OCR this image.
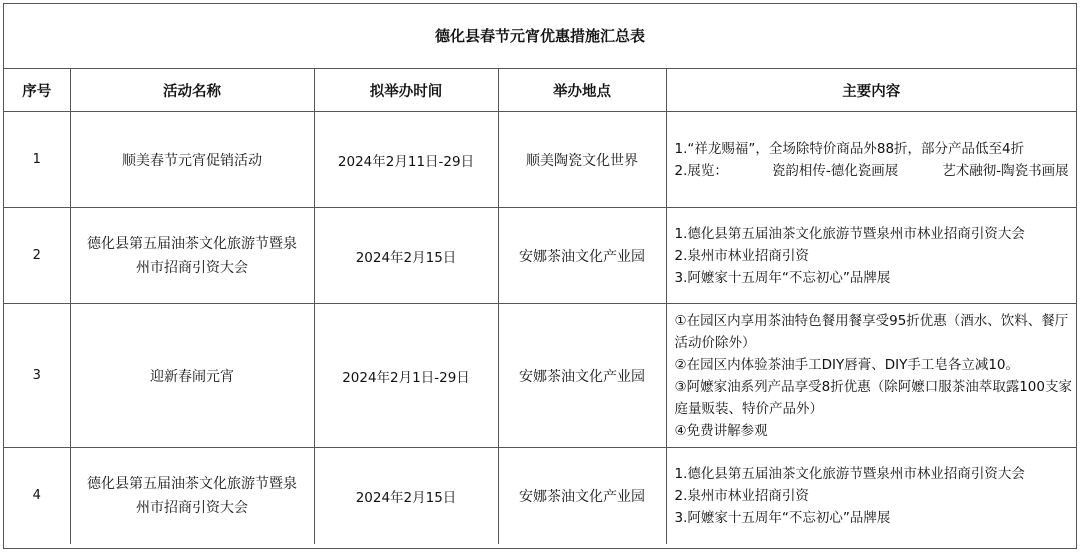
德化县春节元宵优惠措施汇总表
序号	活动名称	拟举办时间	举办地点	主要内容
1	顺美春节元宵促销活动	2024年2月11日-29日	顺美陶瓷文化世界	1.“祥龙赐福”，全场除特价商品外88折，部分产品低至4折
2.展览： 瓷韵相传-德化瓷画展 艺术融彻-陶瓷书画展

2	德化县第五届油茶文化旅游节暨泉州市招商引资大会	2024年2月15日	安娜茶油文化产业园	1.德化县第五届油茶文化旅游节暨泉州市林业招商引资大会
2.泉州市林业招商引资
3.阿嬷家十五周年“不忘初心”品牌展

3	迎新春闹元宵	2024年2月1日-29日	安娜茶油文化产业园	①在园区内享用茶油特色餐用餐享受95折优惠（酒水、饮料、餐厅活动价除外）
②在园区内体验茶油手工DIY唇膏、DIY手工皂各立减10。
③阿嬷家油系列产品享受8折优惠（除阿嬷口服茶油萃取露100支家庭量贩装、特价产品外）
④免费讲解参观

4	德化县第五届油茶文化旅游节暨泉州市招商引资大会	2024年2月15日	安娜茶油文化产业园	1.德化县第五届油茶文化旅游节暨泉州市林业招商引资大会
2.泉州市林业招商引资
3.阿嬷家十五周年“不忘初心”品牌展
